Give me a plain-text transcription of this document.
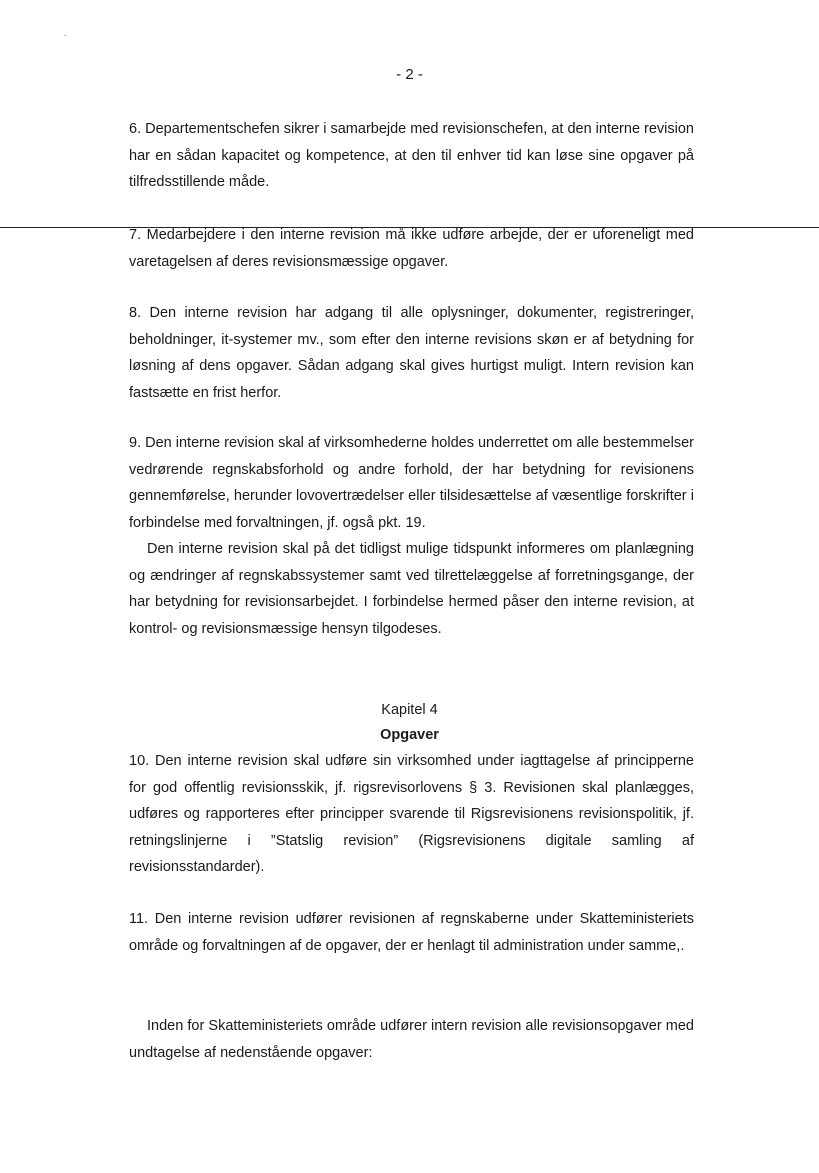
- 2 -

6. Departementschefen sikrer i samarbejde med revisionschefen, at den interne revision har en sådan kapacitet og kompetence, at den til enhver tid kan løse sine opgaver på tilfredsstillende måde.

7. Medarbejdere i den interne revision må ikke udføre arbejde, der er uforeneligt med varetagelsen af deres revisionsmæssige opgaver.

8. Den interne revision har adgang til alle oplysninger, dokumenter, registreringer, beholdninger, it-systemer mv., som efter den interne revisions skøn er af betydning for løsning af dens opgaver. Sådan adgang skal gives hurtigst muligt. Intern revision kan fastsætte en frist herfor.

9. Den interne revision skal af virksomhederne holdes underrettet om alle bestemmelser vedrørende regnskabsforhold og andre forhold, der har betydning for revisionens gennemførelse, herunder lovovertrædelser eller tilsidesættelse af væsentlige forskrifter i forbindelse med forvaltningen, jf. også pkt. 19.

Den interne revision skal på det tidligst mulige tidspunkt informeres om planlægning og ændringer af regnskabssystemer samt ved tilrettelæggelse af forretningsgange, der har betydning for revisionsarbejdet. I forbindelse hermed påser den interne revision, at kontrol- og revisionsmæssige hensyn tilgodeses.

Kapitel 4
Opgaver

10. Den interne revision skal udføre sin virksomhed under iagttagelse af principperne for god offentlig revisionsskik, jf. rigsrevisorlovens § 3. Revisionen skal planlægges, udføres og rapporteres efter principper svarende til Rigsrevisionens revisionspolitik, jf. retningslinjerne i ”Statslig revision” (Rigsrevisionens digitale samling af revisionsstandarder).

11. Den interne revision udfører revisionen af regnskaberne under Skatteministeriets område og forvaltningen af de opgaver, der er henlagt til administration under samme,.

Inden for Skatteministeriets område udfører intern revision alle revisionsopgaver med undtagelse af nedenstående opgaver:
